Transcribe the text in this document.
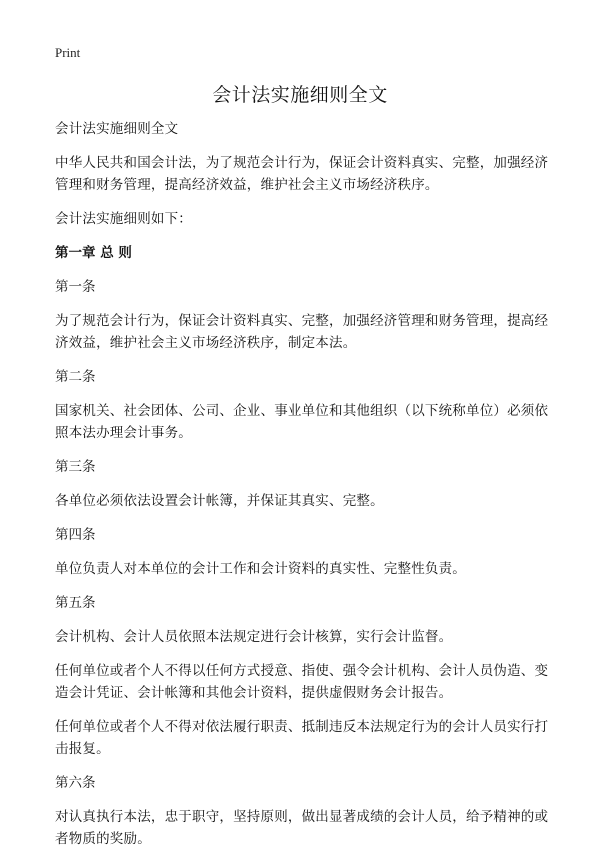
Print
会计法实施细则全文

会计法实施细则全文

中华人民共和国会计法，为了规范会计行为，保证会计资料真实、完整，加强经济管理和财务管理，提高经济效益，维护社会主义市场经济秩序。

会计法实施细则如下：

第一章 总 则

第一条

为了规范会计行为，保证会计资料真实、完整，加强经济管理和财务管理，提高经济效益，维护社会主义市场经济秩序，制定本法。

第二条

国家机关、社会团体、公司、企业、事业单位和其他组织（以下统称单位）必须依照本法办理会计事务。

第三条

各单位必须依法设置会计帐簿，并保证其真实、完整。

第四条

单位负责人对本单位的会计工作和会计资料的真实性、完整性负责。

第五条

会计机构、会计人员依照本法规定进行会计核算，实行会计监督。

任何单位或者个人不得以任何方式授意、指使、强令会计机构、会计人员伪造、变造会计凭证、会计帐簿和其他会计资料，提供虚假财务会计报告。

任何单位或者个人不得对依法履行职责、抵制违反本法规定行为的会计人员实行打击报复。

第六条

对认真执行本法，忠于职守，坚持原则，做出显著成绩的会计人员，给予精神的或者物质的奖励。
